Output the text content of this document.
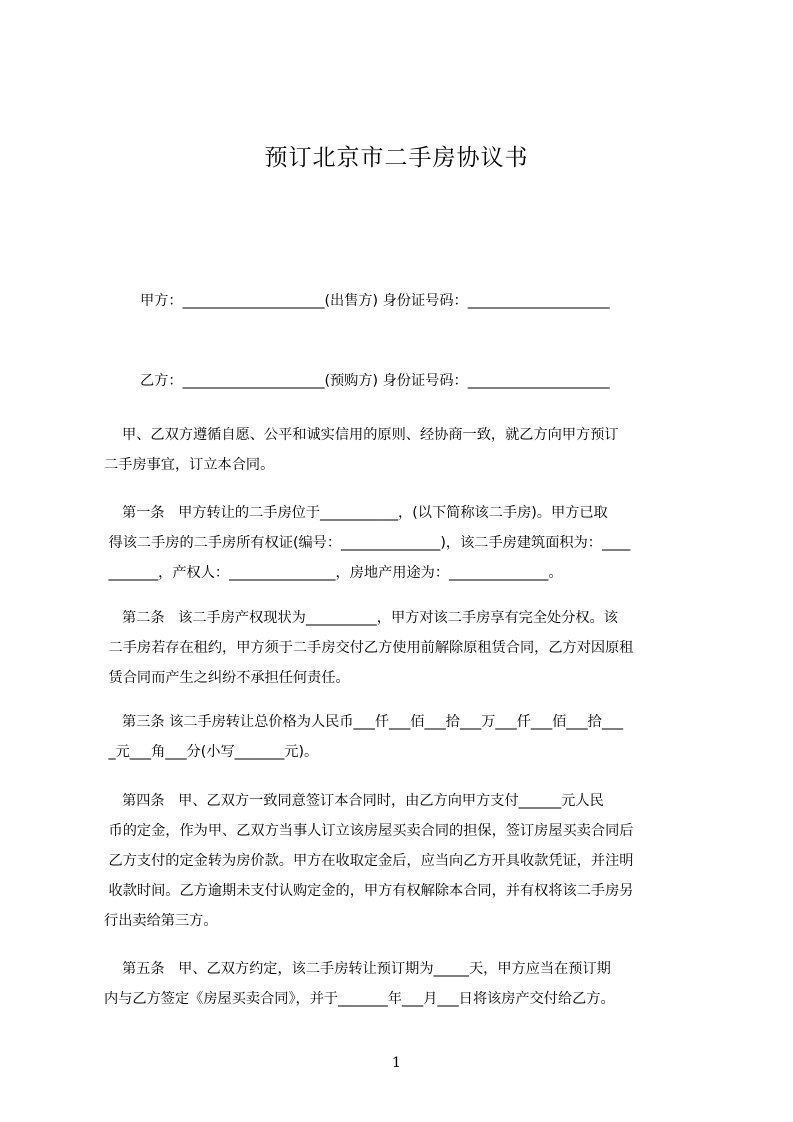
预订北京市二手房协议书
甲方：____________________(出售方) 身份证号码：____________________
乙方：____________________(预购方) 身份证号码：____________________
甲、乙双方遵循自愿、公平和诚实信用的原则、经协商一致，就乙方向甲方预订
二手房事宜，订立本合同。
第一条   甲方转让的二手房位于___________，(以下简称该二手房)。甲方已取
得该二手房的二手房所有权证(编号：______________)，该二手房建筑面积为：____
_______，产权人：_______________，房地产用途为：______________。
第二条   该二手房产权现状为__________，甲方对该二手房享有完全处分权。该
二手房若存在租约，甲方须于二手房交付乙方使用前解除原租赁合同，乙方对因原租
赁合同而产生之纠纷不承担任何责任。
第三条 该二手房转让总价格为人民币___仟___佰___拾___万___仟___佰___拾___
_元___角___分(小写_______元)。
第四条   甲、乙双方一致同意签订本合同时，由乙方向甲方支付______元人民
币的定金，作为甲、乙双方当事人订立该房屋买卖合同的担保，签订房屋买卖合同后
乙方支付的定金转为房价款。甲方在收取定金后，应当向乙方开具收款凭证，并注明
收款时间。乙方逾期未支付认购定金的，甲方有权解除本合同，并有权将该二手房另
行出卖给第三方。
第五条   甲、乙双方约定，该二手房转让预订期为_____天，甲方应当在预订期
内与乙方签定《房屋买卖合同》，并于_______年___月___日将该房产交付给乙方。
1
